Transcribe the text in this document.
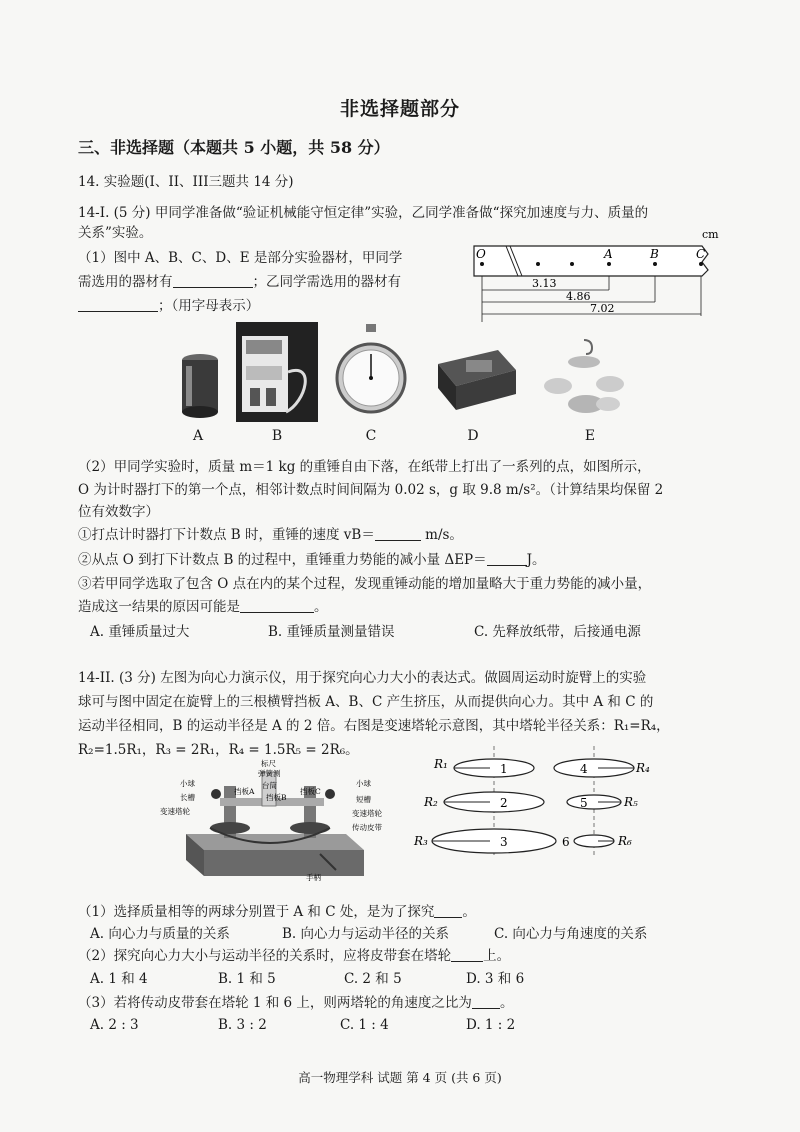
非选择题部分
三、非选择题（本题共 5 小题，共 58 分）
14. 实验题(I、II、III三题共 14 分)
14-I. (5 分) 甲同学准备做“验证机械能守恒定律”实验，乙同学准备做“探究加速度与力、质量的
关系”实验。
（1）图中 A、B、C、D、E 是部分实验器材，甲同学
需选用的器材有	；乙同学需选用的器材有
；（用字母表示）
cm
O	A	B	C
3.13
4.86
7.02
A	B	C	D	E
（2）甲同学实验时，质量 m＝1 kg 的重锤自由下落，在纸带上打出了一系列的点，如图所示，
O 为计时器打下的第一个点，相邻计数点时间间隔为 0.02 s，g 取 9.8 m/s²。（计算结果均保留 2
位有效数字）
①打点计时器打下计数点 B 时，重锤的速度 vB＝	m/s。
②从点 O 到打下计数点 B 的过程中，重锤重力势能的减小量 ΔEP＝	J。
③若甲同学选取了包含 O 点在内的某个过程，发现重锤动能的增加量略大于重力势能的减小量，
造成这一结果的原因可能是	。
A. 重锤质量过大	B. 重锤质量测量错误	C. 先释放纸带，后接通电源
14-II. (3 分) 左图为向心力演示仪，用于探究向心力大小的表达式。做圆周运动时旋臂上的实验
球可与图中固定在旋臂上的三根横臂挡板 A、B、C 产生挤压，从而提供向心力。其中 A 和 C 的
运动半径相同，B 的运动半径是 A 的 2 倍。右图是变速塔轮示意图，其中塔轮半径关系：R₁=R₄，
R₂=1.5R₁，R₃ = 2R₁，R₄ = 1.5R₅ = 2R₆。
标尺
弹簧测
台筒
小球
挡板A
挡板B
挡板C
小球
长槽	短槽
变速塔轮	变速塔轮
传动皮带
手柄
1
2
3
R₁
R₂
R₃
4
5
6
R₄
R₅
R₆
（1）选择质量相等的两球分别置于 A 和 C 处，是为了探究 。
A. 向心力与质量的关系	B. 向心力与运动半径的关系	C. 向心力与角速度的关系
（2）探究向心力大小与运动半径的关系时，应将皮带套在塔轮 上。
A. 1 和 4	B. 1 和 5	C. 2 和 5	D. 3 和 6
（3）若将传动皮带套在塔轮 1 和 6 上，则两塔轮的角速度之比为 。
A. 2 : 3	B. 3 : 2	C. 1 : 4	D. 1 : 2
高一物理学科 试题 第 4 页 (共 6 页)
